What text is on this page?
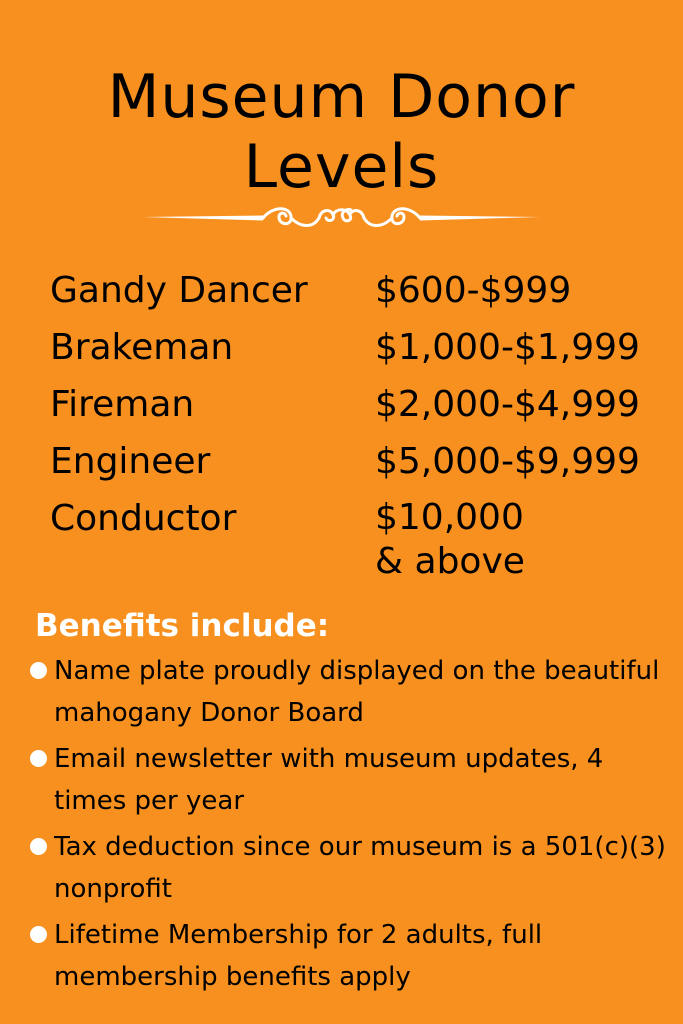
Museum Donor
Levels
Gandy Dancer	$600-$999
Brakeman	$1,000-$1,999
Fireman	$2,000-$4,999
Engineer	$5,000-$9,999
Conductor	$10,000
& above
Benefits include:
Name plate proudly displayed on the beautiful mahogany Donor Board
Email newsletter with museum updates, 4 times per year
Tax deduction since our museum is a 501(c)(3) nonprofit
Lifetime Membership for 2 adults, full membership benefits apply
